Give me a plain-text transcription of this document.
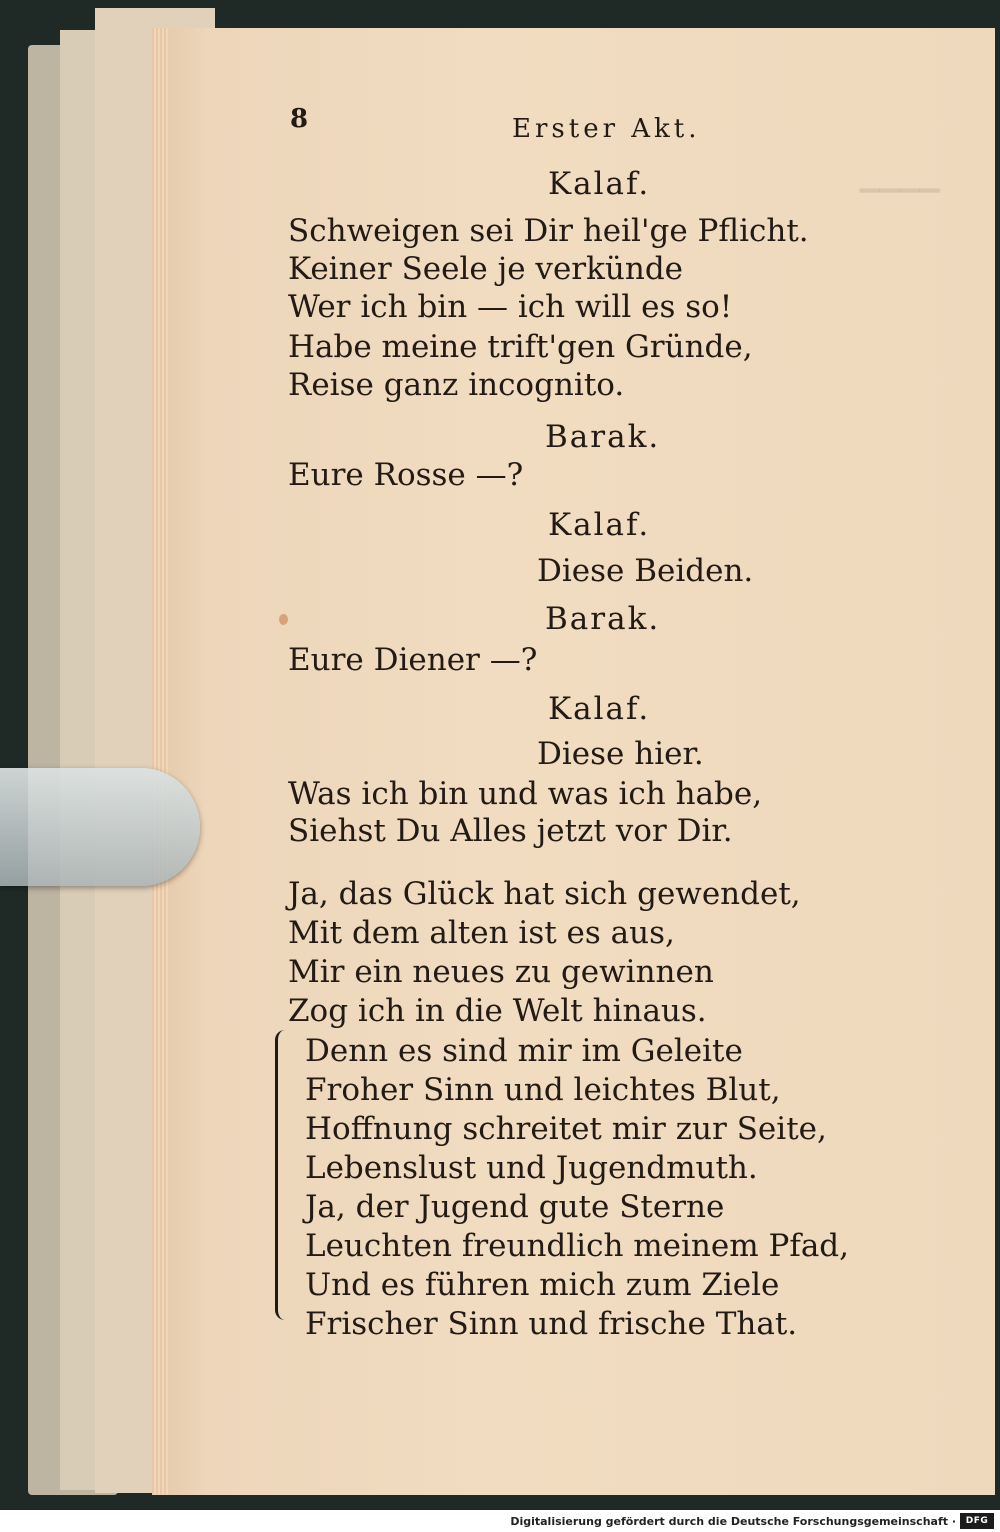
▔▔▔▔
8	Erster Akt.
Kalaf.
Schweigen sei Dir heil'ge Pflicht.
Keiner Seele je verkünde
Wer ich bin — ich will es so!
Habe meine trift'gen Gründe,
Reise ganz incognito.
Barak.
Eure Rosse —?
Kalaf.
Diese Beiden.
Barak.
Eure Diener —?
Kalaf.
Diese hier.
Was ich bin und was ich habe,
Siehst Du Alles jetzt vor Dir.
Ja, das Glück hat sich gewendet,
Mit dem alten ist es aus,
Mir ein neues zu gewinnen
Zog ich in die Welt hinaus.
Denn es sind mir im Geleite
Froher Sinn und leichtes Blut,
Hoffnung schreitet mir zur Seite,
Lebenslust und Jugendmuth.
Ja, der Jugend gute Sterne
Leuchten freundlich meinem Pfad,
Und es führen mich zum Ziele
Frischer Sinn und frische That.
Digitalisierung gefördert durch die Deutsche Forschungsgemeinschaft ·	DFG
